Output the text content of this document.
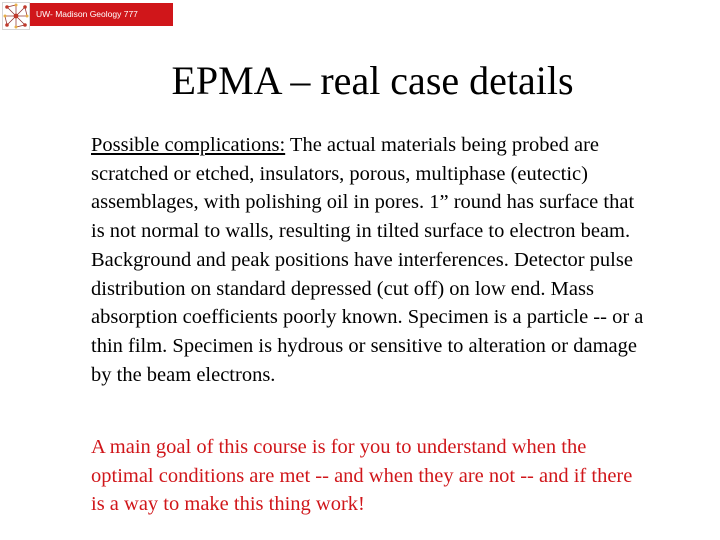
UW- Madison Geology 777
EPMA – real case details

Possible complications: The actual materials being probed are scratched or etched, insulators, porous, multiphase (eutectic) assemblages, with polishing oil in pores. 1” round has surface that is not normal to walls, resulting in tilted surface to electron beam. Background and peak positions have interferences. Detector pulse distribution on standard depressed (cut off) on low end. Mass absorption coefficients poorly known. Specimen is a particle -- or a thin film. Specimen is hydrous or sensitive to alteration or damage by the beam electrons.

A main goal of this course is for you to understand when the optimal conditions are met -- and when they are not -- and if there is a way to make this thing work!
